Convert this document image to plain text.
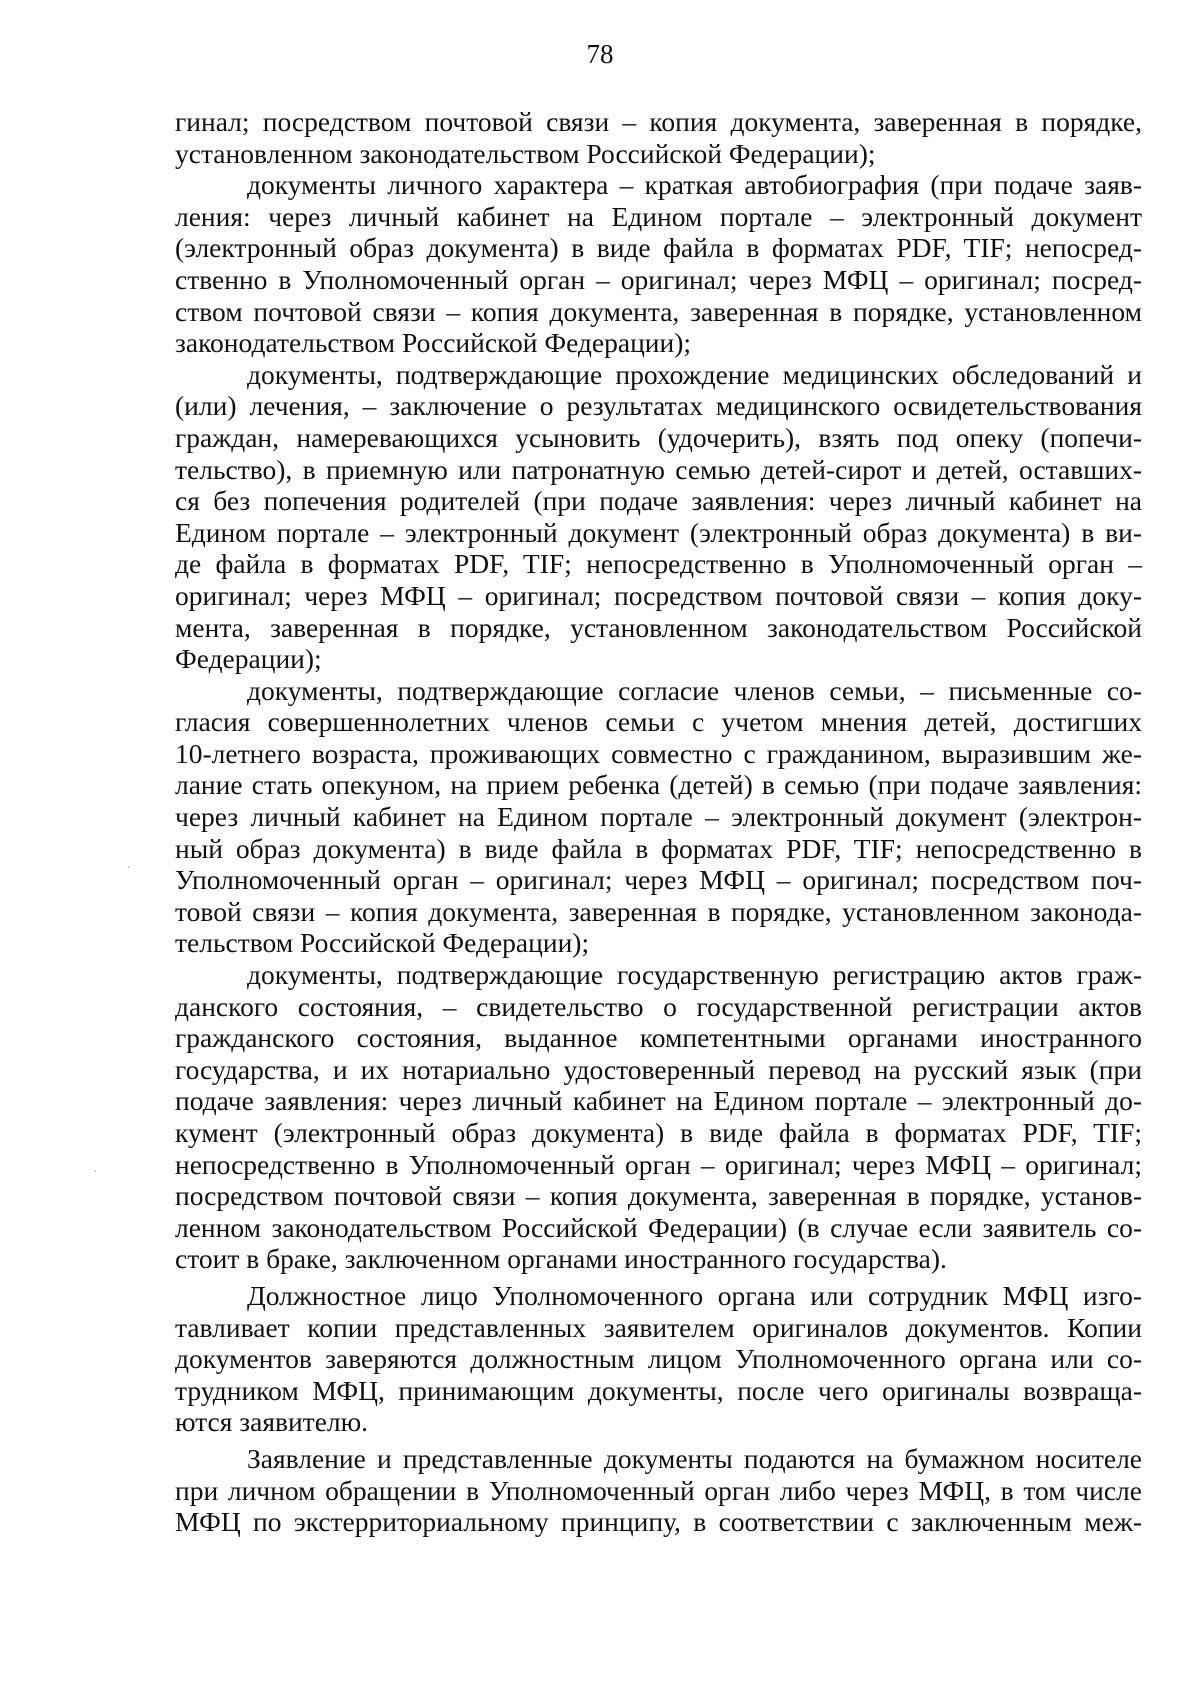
78

гинал; посредством почтовой связи – копия документа, заверенная в порядке,
установленном законодательством Российской Федерации);

документы личного характера – краткая автобиография (при подаче заяв-
ления: через личный кабинет на Едином портале – электронный документ
(электронный образ документа) в виде файла в форматах PDF, TIF; непосред-
ственно в Уполномоченный орган – оригинал; через МФЦ – оригинал; посред-
ством почтовой связи – копия документа, заверенная в порядке, установленном
законодательством Российской Федерации);

документы, подтверждающие прохождение медицинских обследований и
(или) лечения, – заключение о результатах медицинского освидетельствования
граждан, намеревающихся усыновить (удочерить), взять под опеку (попечи-
тельство), в приемную или патронатную семью детей-сирот и детей, оставших-
ся без попечения родителей (при подаче заявления: через личный кабинет на
Едином портале – электронный документ (электронный образ документа) в ви-
де файла в форматах PDF, TIF; непосредственно в Уполномоченный орган –
оригинал; через МФЦ – оригинал; посредством почтовой связи – копия доку-
мента, заверенная в порядке, установленном законодательством Российской
Федерации);

документы, подтверждающие согласие членов семьи, – письменные со-
гласия совершеннолетних членов семьи с учетом мнения детей, достигших
10-летнего возраста, проживающих совместно с гражданином, выразившим же-
лание стать опекуном, на прием ребенка (детей) в семью (при подаче заявления:
через личный кабинет на Едином портале – электронный документ (электрон-
ный образ документа) в виде файла в форматах PDF, TIF; непосредственно в
Уполномоченный орган – оригинал; через МФЦ – оригинал; посредством поч-
товой связи – копия документа, заверенная в порядке, установленном законода-
тельством Российской Федерации);

документы, подтверждающие государственную регистрацию актов граж-
данского состояния, – свидетельство о государственной регистрации актов
гражданского состояния, выданное компетентными органами иностранного
государства, и их нотариально удостоверенный перевод на русский язык (при
подаче заявления: через личный кабинет на Едином портале – электронный до-
кумент (электронный образ документа) в виде файла в форматах PDF, TIF;
непосредственно в Уполномоченный орган – оригинал; через МФЦ – оригинал;
посредством почтовой связи – копия документа, заверенная в порядке, установ-
ленном законодательством Российской Федерации) (в случае если заявитель со-
стоит в браке, заключенном органами иностранного государства).

Должностное лицо Уполномоченного органа или сотрудник МФЦ изго-
тавливает копии представленных заявителем оригиналов документов. Копии
документов заверяются должностным лицом Уполномоченного органа или со-
трудником МФЦ, принимающим документы, после чего оригиналы возвраща-
ются заявителю.

Заявление и представленные документы подаются на бумажном носителе
при личном обращении в Уполномоченный орган либо через МФЦ, в том числе
МФЦ по экстерриториальному принципу, в соответствии с заключенным меж-
